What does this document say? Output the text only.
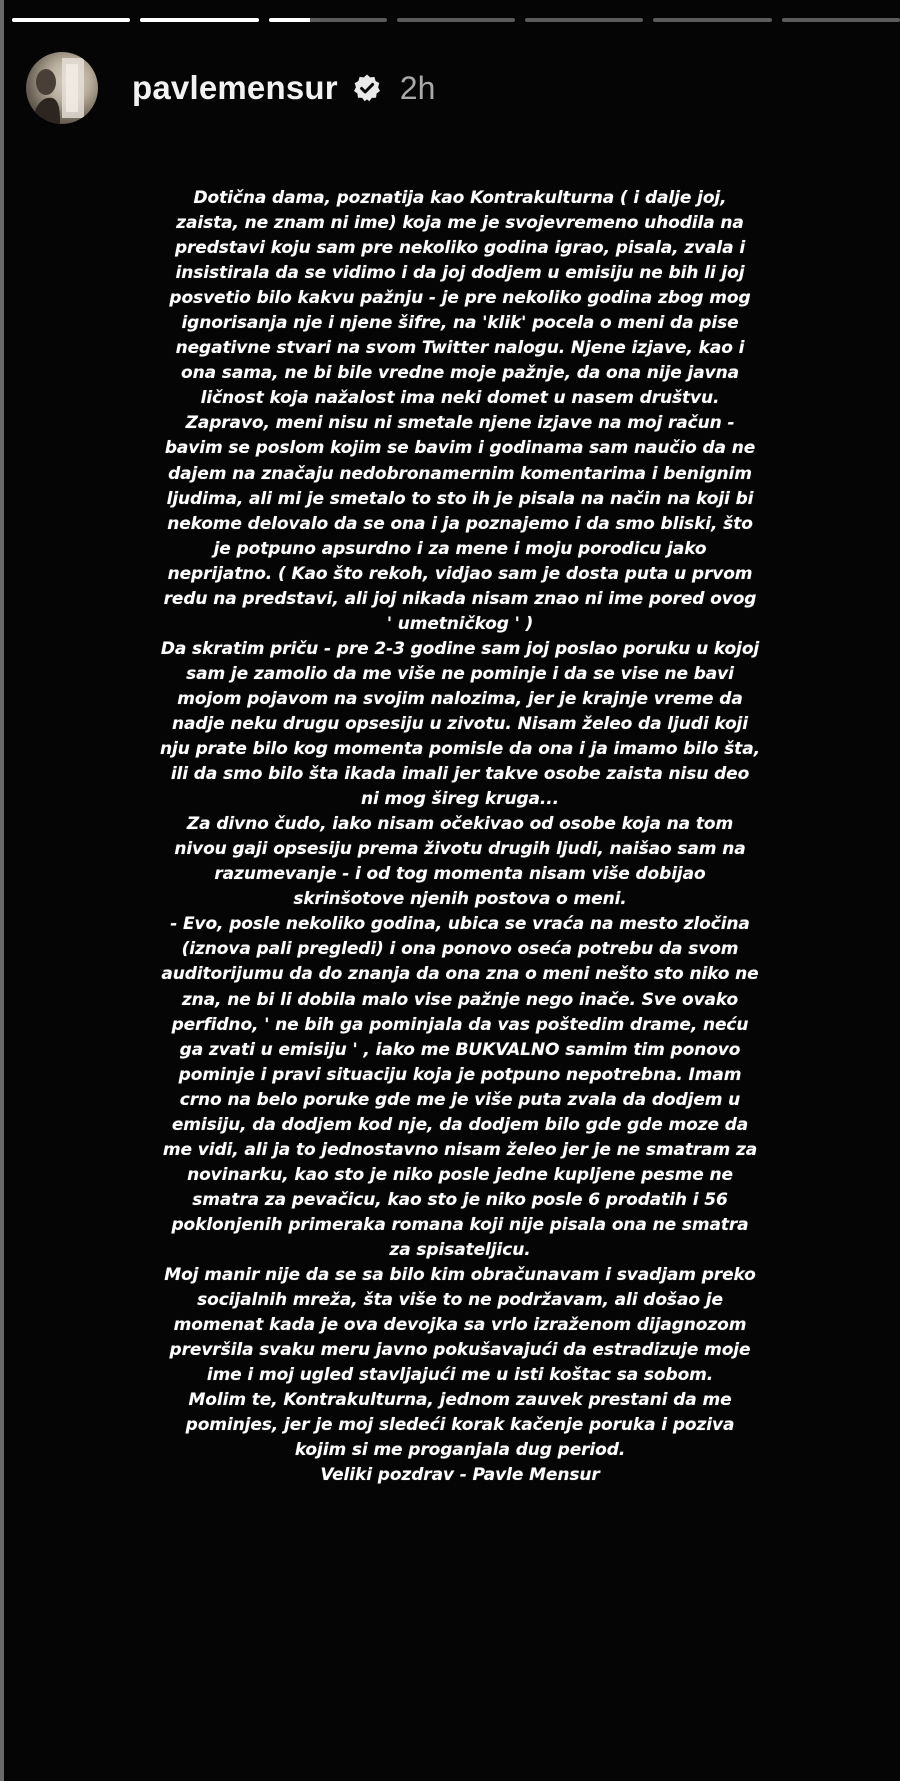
pavlemensur 2h

Dotična dama, poznatija kao Kontrakulturna ( i dalje joj, zaista, ne znam ni ime) koja me je svojevremeno uhodila na predstavi koju sam pre nekoliko godina igrao, pisala, zvala i insistirala da se vidimo i da joj dodjem u emisiju ne bih li joj posvetio bilo kakvu pažnju - je pre nekoliko godina zbog mog ignorisanja nje i njene šifre, na 'klik' pocela o meni da pise negativne stvari na svom Twitter nalogu. Njene izjave, kao i ona sama, ne bi bile vredne moje pažnje, da ona nije javna ličnost koja nažalost ima neki domet u nasem društvu.

Zapravo, meni nisu ni smetale njene izjave na moj račun - bavim se poslom kojim se bavim i godinama sam naučio da ne dajem na značaju nedobronamernim komentarima i benignim ljudima, ali mi je smetalo to sto ih je pisala na način na koji bi nekome delovalo da se ona i ja poznajemo i da smo bliski, što je potpuno apsurdno i za mene i moju porodicu jako neprijatno. ( Kao što rekoh, vidjao sam je dosta puta u prvom redu na predstavi, ali joj nikada nisam znao ni ime pored ovog ' umetničkog ' )

Da skratim priču - pre 2-3 godine sam joj poslao poruku u kojoj sam je zamolio da me više ne pominje i da se vise ne bavi mojom pojavom na svojim nalozima, jer je krajnje vreme da nadje neku drugu opsesiju u zivotu. Nisam želeo da ljudi koji nju prate bilo kog momenta pomisle da ona i ja imamo bilo šta, ili da smo bilo šta ikada imali jer takve osobe zaista nisu deo ni mog šireg kruga...

Za divno čudo, iako nisam očekivao od osobe koja na tom nivou gaji opsesiju prema životu drugih ljudi, naišao sam na razumevanje - i od tog momenta nisam više dobijao skrinšotove njenih postova o meni.

- Evo, posle nekoliko godina, ubica se vraća na mesto zločina (iznova pali pregledi) i ona ponovo oseća potrebu da svom auditorijumu da do znanja da ona zna o meni nešto sto niko ne zna, ne bi li dobila malo vise pažnje nego inače. Sve ovako perfidno, ' ne bih ga pominjala da vas poštedim drame, neću ga zvati u emisiju ' , iako me BUKVALNO samim tim ponovo pominje i pravi situaciju koja je potpuno nepotrebna. Imam crno na belo poruke gde me je više puta zvala da dodjem u emisiju, da dodjem kod nje, da dodjem bilo gde gde moze da me vidi, ali ja to jednostavno nisam želeo jer je ne smatram za novinarku, kao sto je niko posle jedne kupljene pesme ne smatra za pevačicu, kao sto je niko posle 6 prodatih i 56 poklonjenih primeraka romana koji nije pisala ona ne smatra za spisateljicu.

Moj manir nije da se sa bilo kim obračunavam i svadjam preko socijalnih mreža, šta više to ne podržavam, ali došao je momenat kada je ova devojka sa vrlo izraženom dijagnozom prevršila svaku meru javno pokušavajući da estradizuje moje ime i moj ugled stavljajući me u isti koštac sa sobom.

Molim te, Kontrakulturna, jednom zauvek prestani da me pominjes, jer je moj sledeći korak kačenje poruka i poziva kojim si me proganjala dug period.

Veliki pozdrav - Pavle Mensur
